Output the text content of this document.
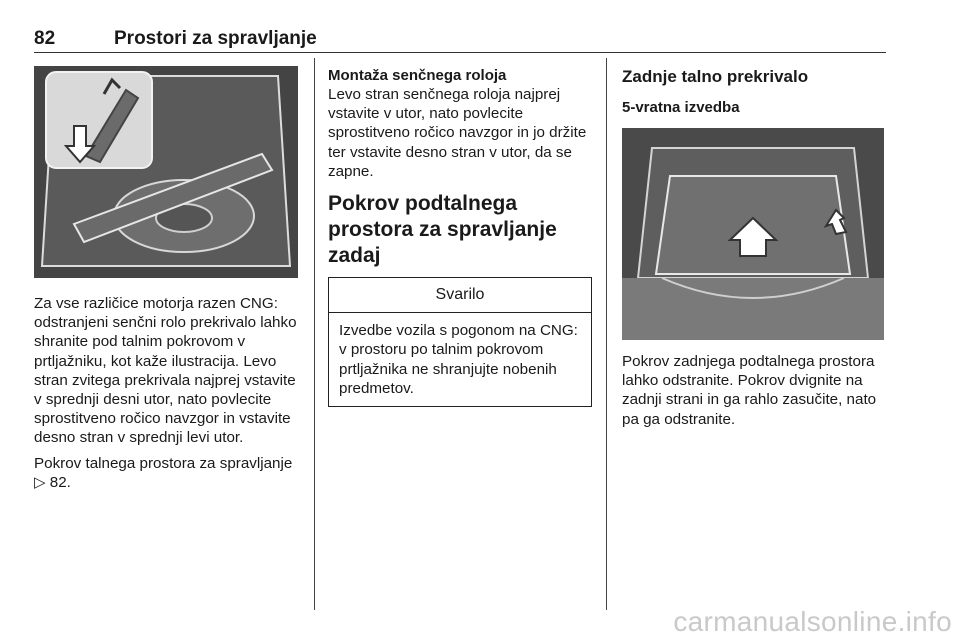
82	Prostori za spravljanje

Za vse različice motorja razen CNG: odstranjeni senčni rolo prekrivalo lahko shranite pod talnim pokrovom v prtljažniku, kot kaže ilustracija. Levo stran zvitega prekrivala najprej vstavite v sprednji desni utor, nato povlecite sprostitveno ročico navzgor in vstavite desno stran v sprednji levi utor.

Pokrov talnega prostora za spravljanje ▷ 82.

Montaža senčnega roloja

Levo stran senčnega roloja najprej vstavite v utor, nato povlecite sprostitveno ročico navzgor in jo držite ter vstavite desno stran v utor, da se zapne.

Pokrov podtalnega prostora za spravljanje zadaj
Svarilo
Izvedbe vozila s pogonom na CNG: v prostoru po talnim pokrovom prtljažnika ne shranjujte nobenih predmetov.
Zadnje talno prekrivalo
5-vratna izvedba

Pokrov zadnjega podtalnega prostora lahko odstranite. Pokrov dvignite na zadnji strani in ga rahlo zasučite, nato pa ga odstranite.

carmanualsonline.info
